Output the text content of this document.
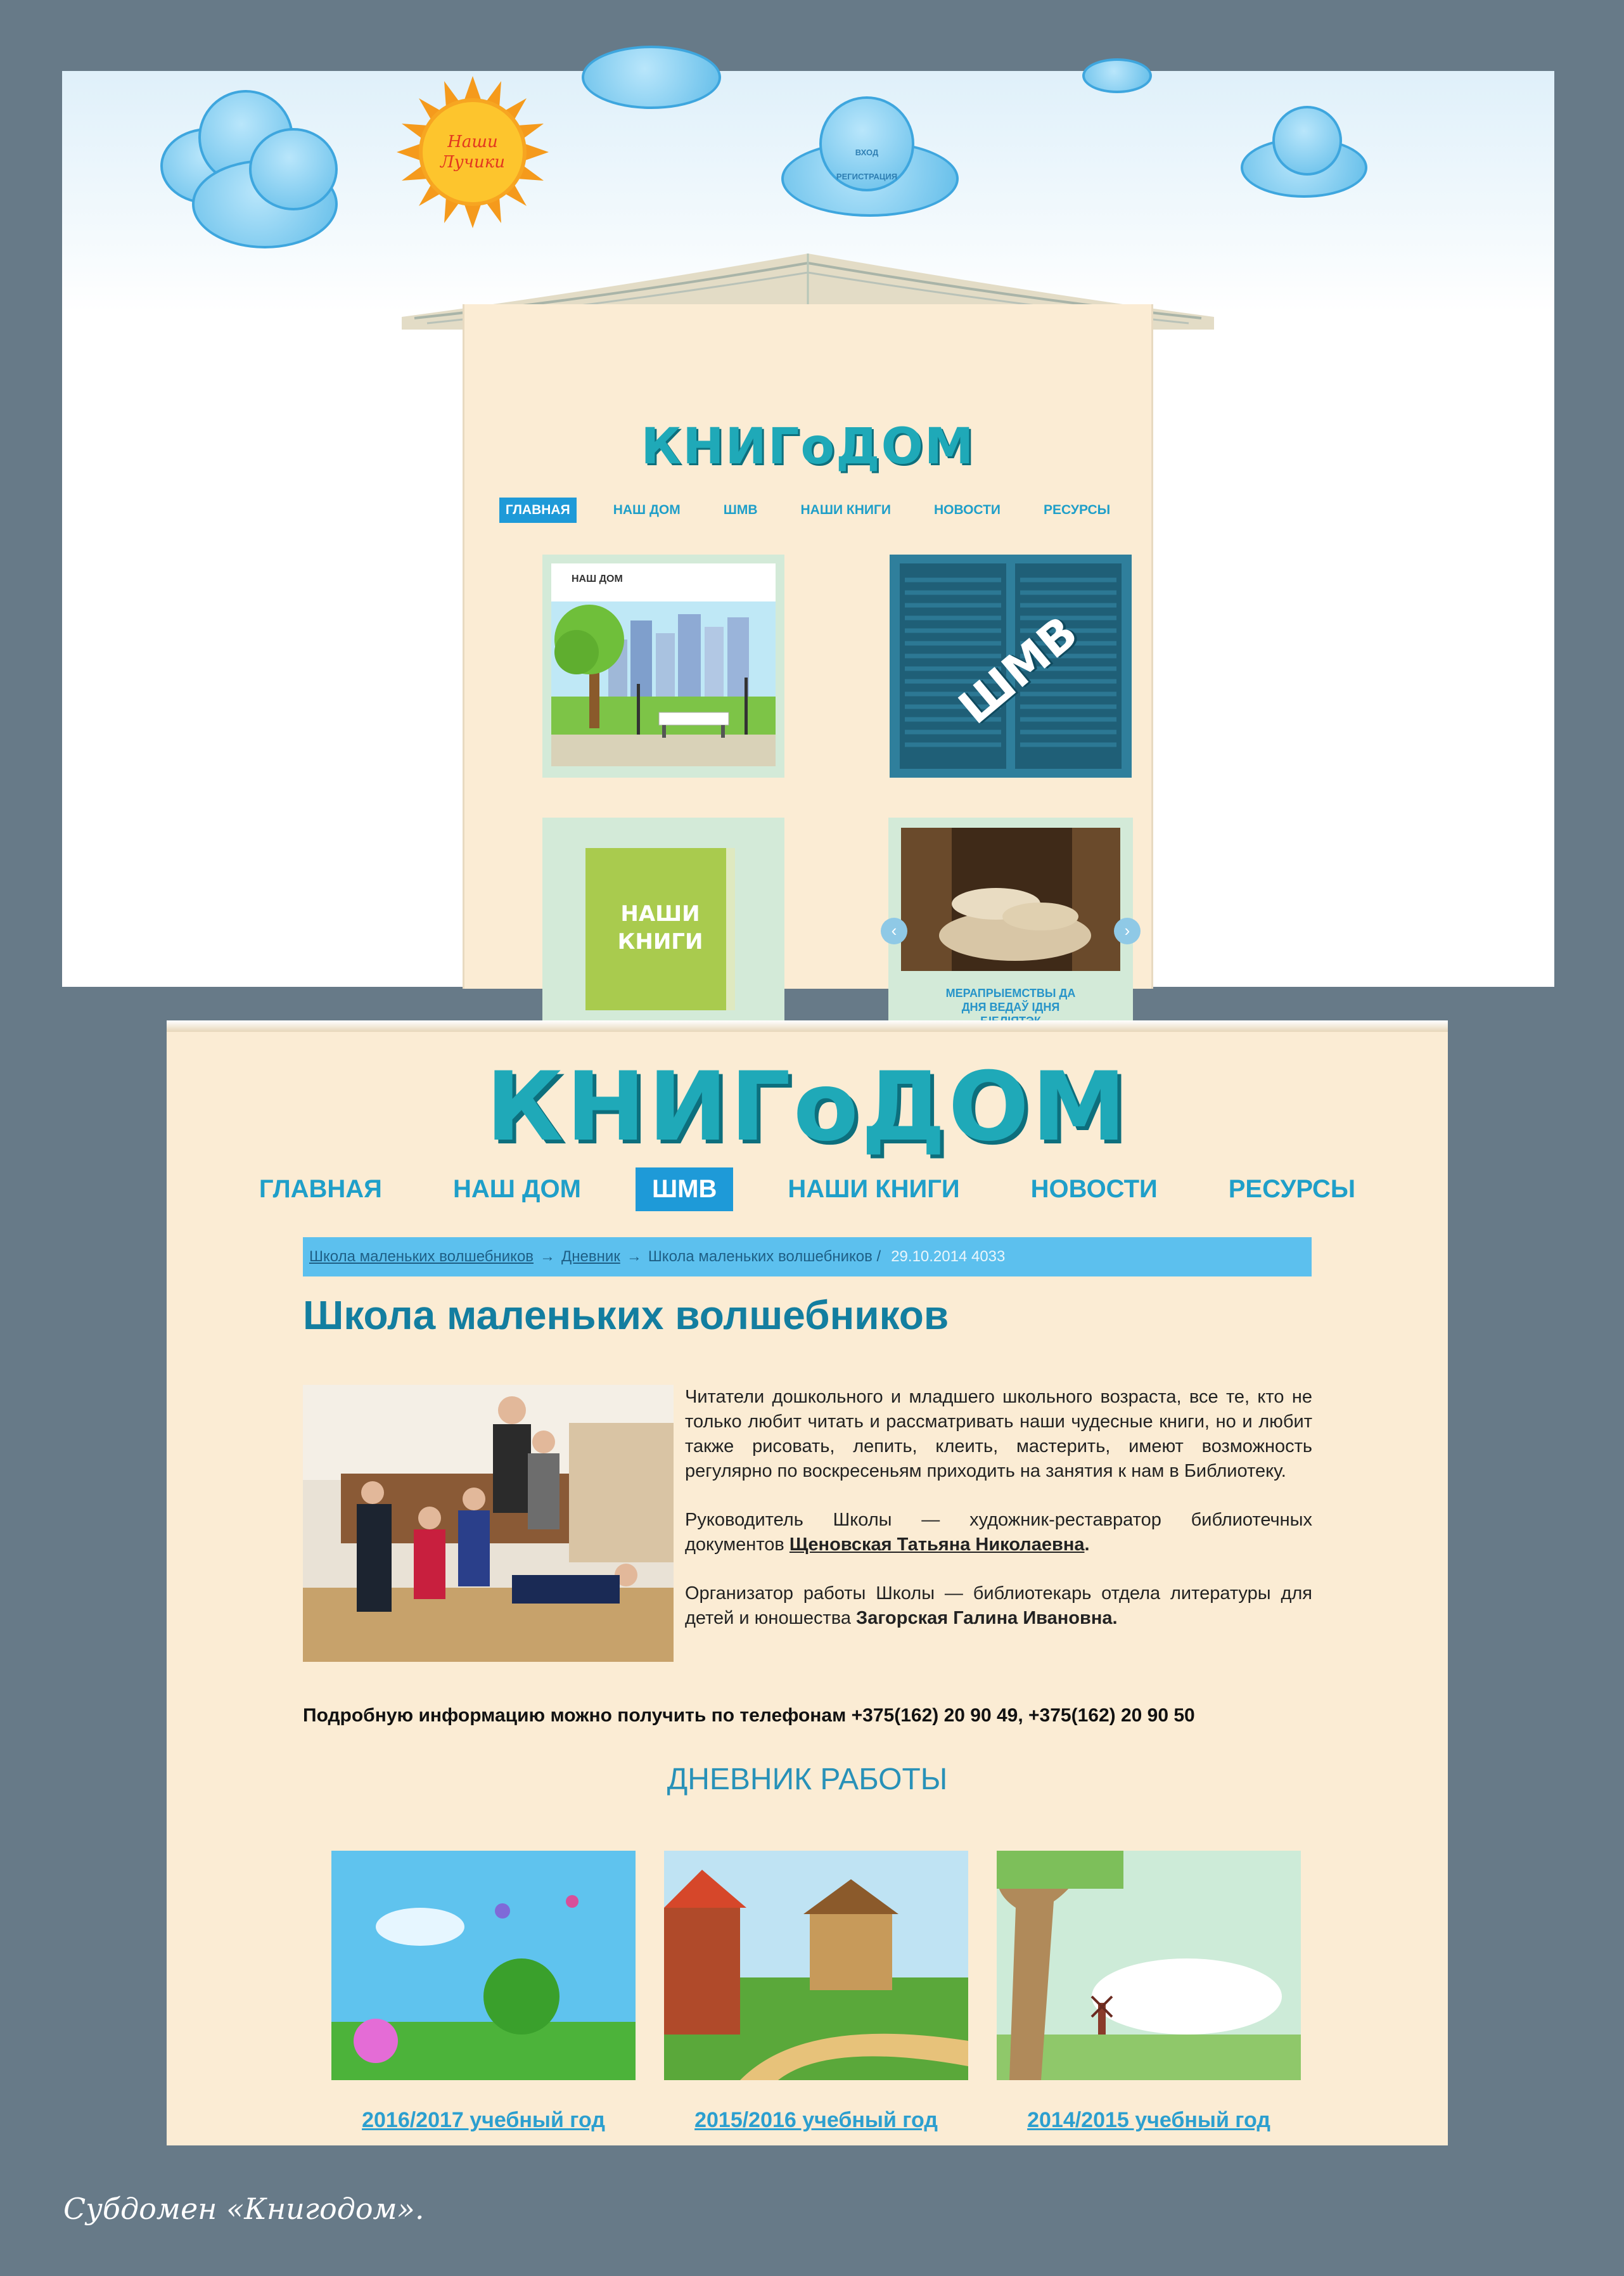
ВХОД
РЕГИСТРАЦИЯ
Наши
Лучики
КНИГоДОМ
ГЛАВНАЯ	НАШ ДОМ	ШМВ	НАШИ КНИГИ	НОВОСТИ	РЕСУРСЫ
НАШ ДОМ
ШМВ
НАШИ
КНИГИ	‹	›
МЕРАПРЫЕМСТВЫ ДА
ДНЯ ВЕДАЎ ІДНЯ
КНИГоДОМ
ГЛАВНАЯ	НАШ ДОМ	ШМВ	НАШИ КНИГИ	НОВОСТИ	РЕСУРСЫ
Школа маленьких волшебников → Дневник → Школа маленьких волшебников / 29.10.2014 4033
Школа маленьких волшебников

Читатели дошкольного и младшего школьного возраста, все те, кто не только любит читать и рассматривать наши чудесные книги, но и любит также рисовать, лепить, клеить, мастерить, имеют возможность регулярно по воскресеньям приходить на занятия к нам в Библиотеку.

Руководитель Школы — художник-реставратор библиотечных документов Щеновская Татьяна Николаевна.

Организатор работы Школы — библиотекарь отдела литературы для детей и юношества Загорская Галина Ивановна.

Подробную информацию можно получить по телефонам +375(162) 20 90 49, +375(162) 20 90 50
ДНЕВНИК РАБОТЫ
2016/2017 учебный год	2015/2016 учебный год	2014/2015 учебный год
Субдомен «Книгодом».
